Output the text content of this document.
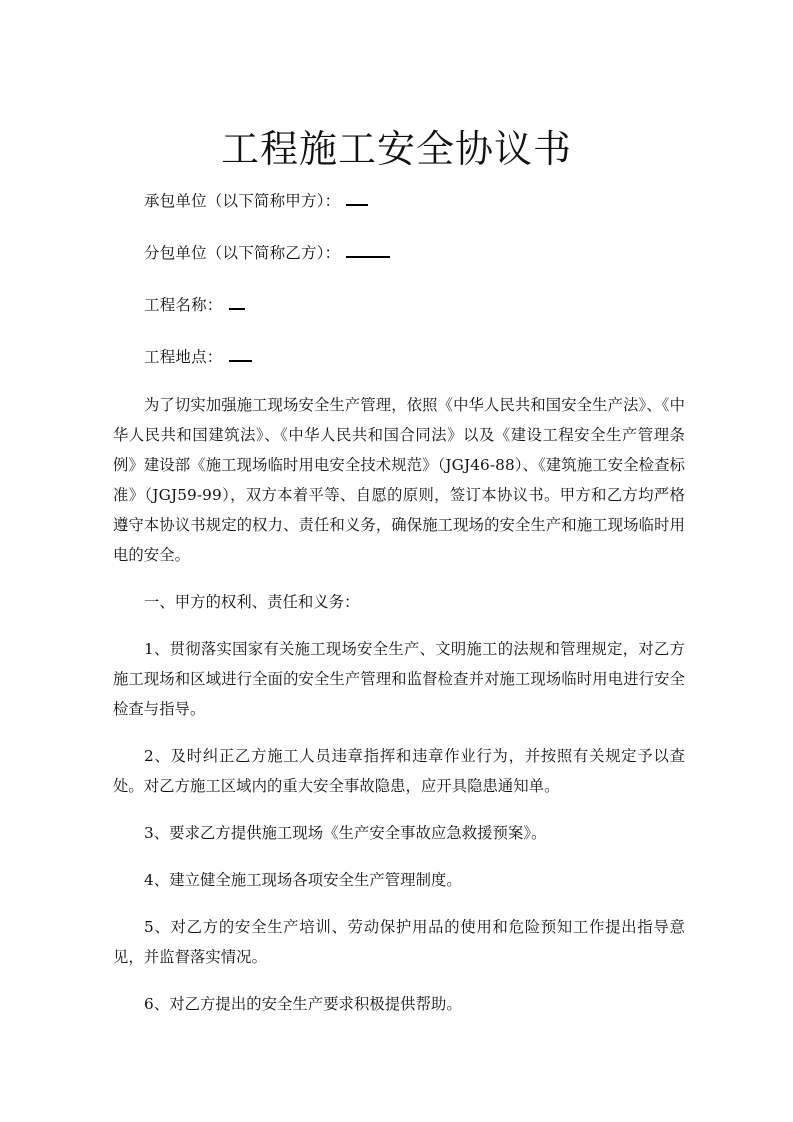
工程施工安全协议书
承包单位（以下简称甲方）：
分包单位（以下简称乙方）：
工程名称：
工程地点：

为了切实加强施工现场安全生产管理，依照《中华人民共和国安全生产法》、《中华人民共和国建筑法》、《中华人民共和国合同法》以及《建设工程安全生产管理条例》建设部《施工现场临时用电安全技术规范》（JGJ46-88）、《建筑施工安全检查标准》（JGJ59-99），双方本着平等、自愿的原则，签订本协议书。甲方和乙方均严格遵守本协议书规定的权力、责任和义务，确保施工现场的安全生产和施工现场临时用电的安全。

一、甲方的权利、责任和义务：

1、贯彻落实国家有关施工现场安全生产、文明施工的法规和管理规定，对乙方施工现场和区域进行全面的安全生产管理和监督检查并对施工现场临时用电进行安全检查与指导。

2、及时纠正乙方施工人员违章指挥和违章作业行为，并按照有关规定予以查处。对乙方施工区域内的重大安全事故隐患，应开具隐患通知单。

3、要求乙方提供施工现场《生产安全事故应急救援预案》。

4、建立健全施工现场各项安全生产管理制度。

5、对乙方的安全生产培训、劳动保护用品的使用和危险预知工作提出指导意见，并监督落实情况。

6、对乙方提出的安全生产要求积极提供帮助。
